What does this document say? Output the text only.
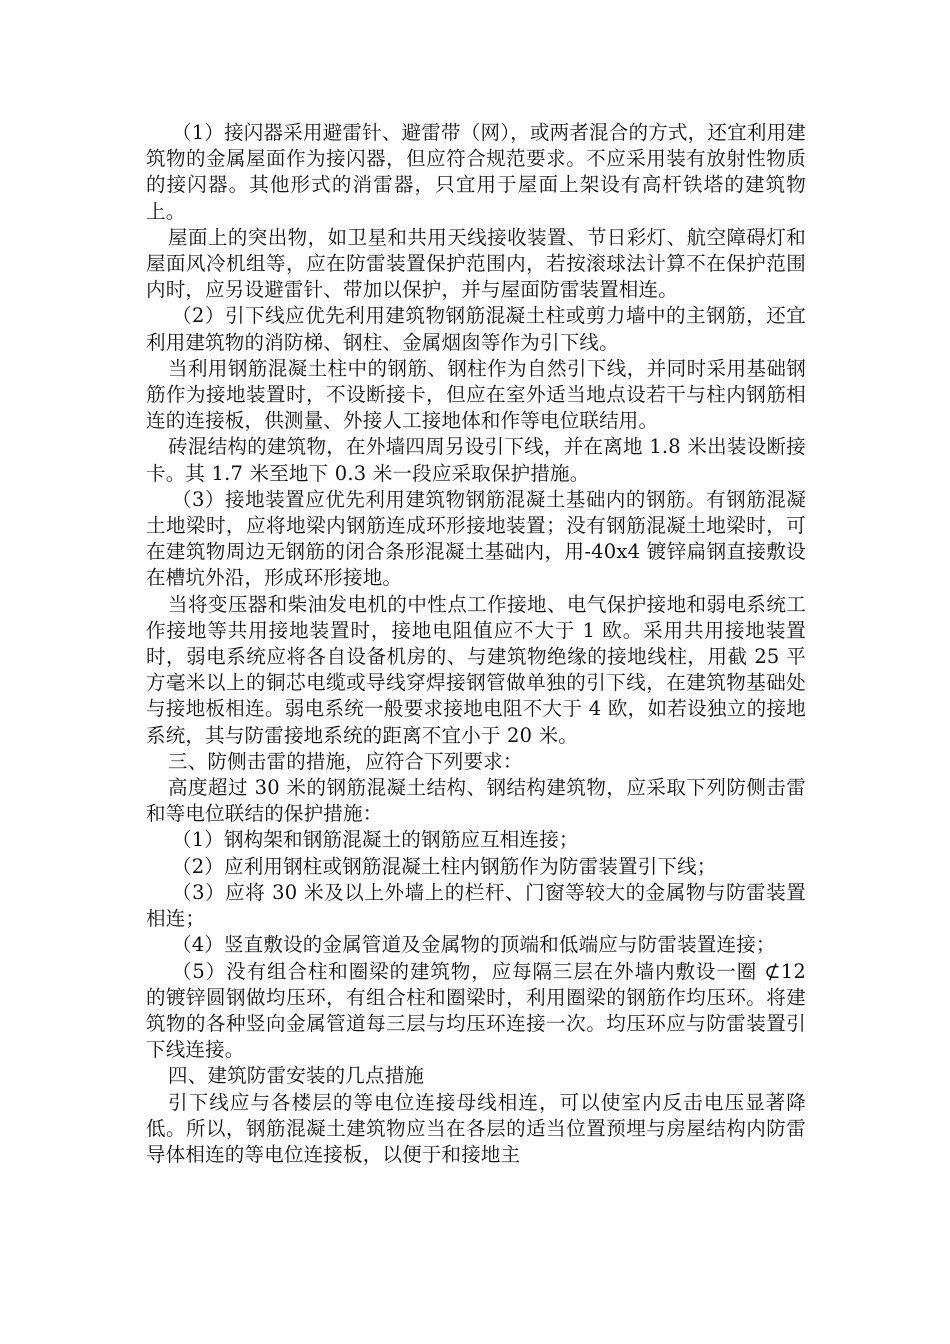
（1）接闪器采用避雷针、避雷带（网），或两者混合的方式，还宜利用建筑物的金属屋面作为接闪器，但应符合规范要求。不应采用装有放射性物质的接闪器。其他形式的消雷器，只宜用于屋面上架设有高杆铁塔的建筑物上。

屋面上的突出物，如卫星和共用天线接收装置、节日彩灯、航空障碍灯和屋面风冷机组等，应在防雷装置保护范围内，若按滚球法计算不在保护范围内时，应另设避雷针、带加以保护，并与屋面防雷装置相连。

（2）引下线应优先利用建筑物钢筋混凝土柱或剪力墙中的主钢筋，还宜利用建筑物的消防梯、钢柱、金属烟囱等作为引下线。

当利用钢筋混凝土柱中的钢筋、钢柱作为自然引下线，并同时采用基础钢筋作为接地装置时，不设断接卡，但应在室外适当地点设若干与柱内钢筋相连的连接板，供测量、外接人工接地体和作等电位联结用。

砖混结构的建筑物，在外墙四周另设引下线，并在离地 1.8 米出装设断接卡。其 1.7 米至地下 0.3 米一段应采取保护措施。

（3）接地装置应优先利用建筑物钢筋混凝土基础内的钢筋。有钢筋混凝土地梁时，应将地梁内钢筋连成环形接地装置；没有钢筋混凝土地梁时，可在建筑物周边无钢筋的闭合条形混凝土基础内，用-40x4 镀锌扁钢直接敷设在槽坑外沿，形成环形接地。

当将变压器和柴油发电机的中性点工作接地、电气保护接地和弱电系统工作接地等共用接地装置时，接地电阻值应不大于 1 欧。采用共用接地装置时，弱电系统应将各自设备机房的、与建筑物绝缘的接地线柱，用截 25 平方毫米以上的铜芯电缆或导线穿焊接钢管做单独的引下线，在建筑物基础处与接地板相连。弱电系统一般要求接地电阻不大于 4 欧，如若设独立的接地系统，其与防雷接地系统的距离不宜小于 20 米。

三、防侧击雷的措施，应符合下列要求：

高度超过 30 米的钢筋混凝土结构、钢结构建筑物，应采取下列防侧击雷和等电位联结的保护措施：

（1）钢构架和钢筋混凝土的钢筋应互相连接；

（2）应利用钢柱或钢筋混凝土柱内钢筋作为防雷装置引下线；

（3）应将 30 米及以上外墙上的栏杆、门窗等较大的金属物与防雷装置相连；

（4）竖直敷设的金属管道及金属物的顶端和低端应与防雷装置连接；

（5）没有组合柱和圈梁的建筑物，应每隔三层在外墙内敷设一圈 ⊄12 的镀锌圆钢做均压环，有组合柱和圈梁时，利用圈梁的钢筋作均压环。将建筑物的各种竖向金属管道每三层与均压环连接一次。均压环应与防雷装置引下线连接。

四、建筑防雷安装的几点措施

引下线应与各楼层的等电位连接母线相连，可以使室内反击电压显著降低。所以，钢筋混凝土建筑物应当在各层的适当位置预埋与房屋结构内防雷导体相连的等电位连接板，以便于和接地主
